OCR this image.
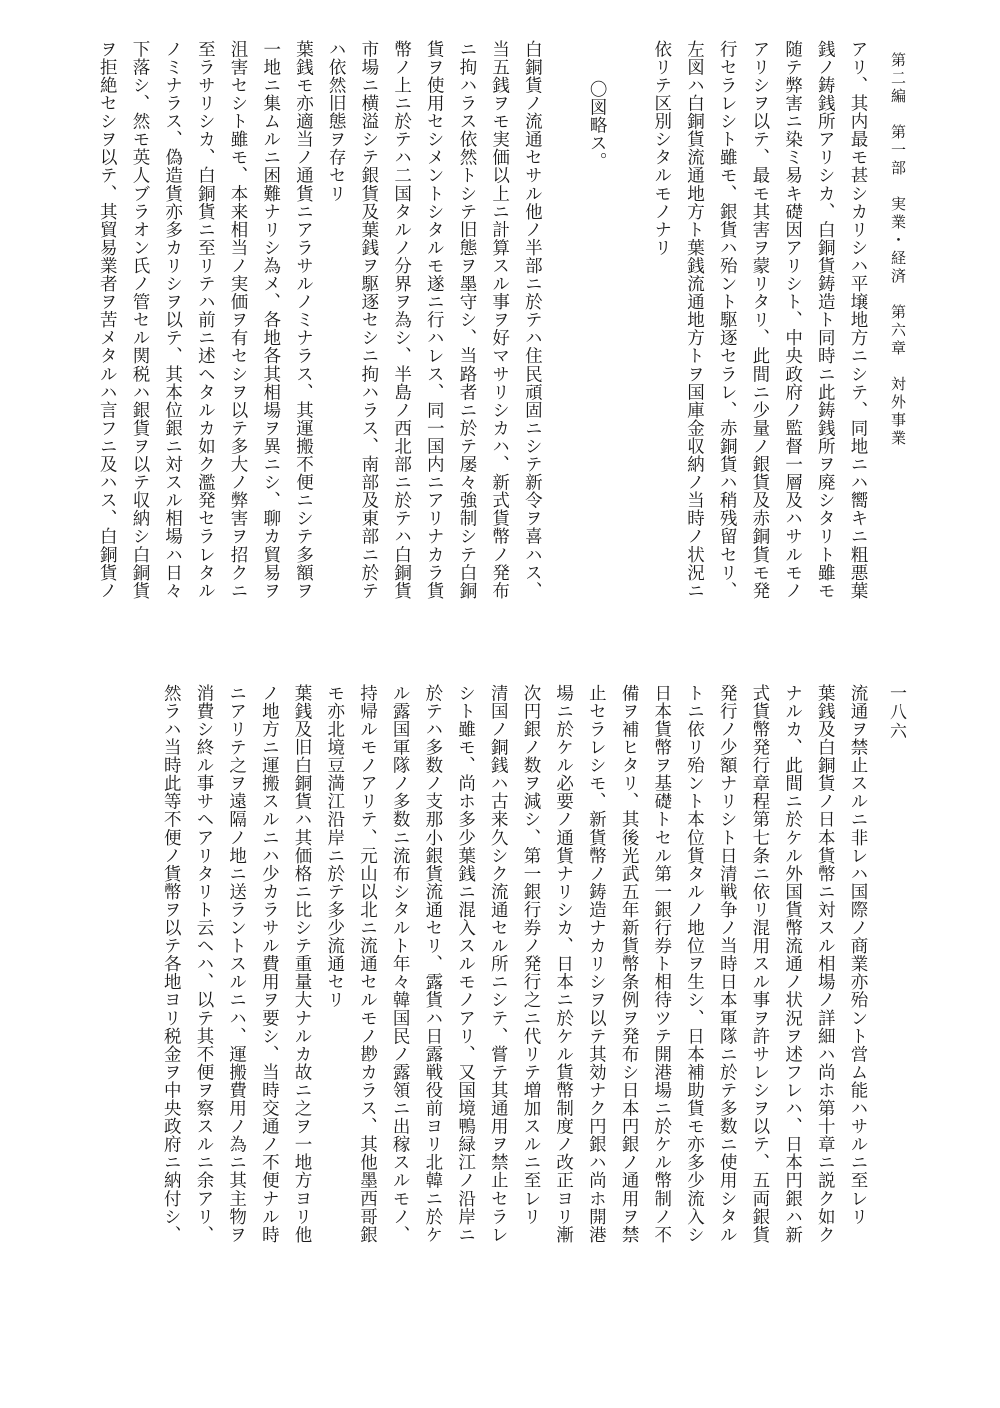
第二編　第一部　実業・経済　第六章　対外事業
一八六

アリ、其内最モ甚シカリシハ平壌地方ニシテ、同地ニハ嚮キニ粗悪葉

銭ノ鋳銭所アリシカ、白銅貨鋳造ト同時ニ此鋳銭所ヲ廃シタリト雖モ

随テ弊害ニ染ミ易キ礎因アリシト、中央政府ノ監督一層及ハサルモノ

アリシヲ以テ、最モ其害ヲ蒙リタリ、此間ニ少量ノ銀貨及赤銅貨モ発

行セラレシト雖モ、銀貨ハ殆ント駆逐セラレ、赤銅貨ハ稍残留セリ、

左図ハ白銅貨流通地方ト葉銭流通地方トヲ国庫金収納ノ当時ノ状況ニ

依リテ区別シタルモノナリ

〇図略ス。

白銅貨ノ流通セサル他ノ半部ニ於テハ住民頑固ニシテ新令ヲ喜ハス、

当五銭ヲモ実価以上ニ計算スル事ヲ好マサリシカハ、新式貨幣ノ発布

ニ拘ハラス依然トシテ旧態ヲ墨守シ、当路者ニ於テ屡々強制シテ白銅

貨ヲ使用セシメントシタルモ遂ニ行ハレス、同一国内ニアリナカラ貨

幣ノ上ニ於テハ二国タルノ分界ヲ為シ、半島ノ西北部ニ於テハ白銅貨

市場ニ横溢シテ銀貨及葉銭ヲ駆逐セシニ拘ハラス、南部及東部ニ於テ

ハ依然旧態ヲ存セリ

葉銭モ亦適当ノ通貨ニアラサルノミナラス、其運搬不便ニシテ多額ヲ

一地ニ集ムルニ困難ナリシ為メ、各地各其相場ヲ異ニシ、聊カ貿易ヲ

沮害セシト雖モ、本来相当ノ実価ヲ有セシヲ以テ多大ノ弊害ヲ招クニ

至ラサリシカ、白銅貨ニ至リテハ前ニ述ヘタルカ如ク濫発セラレタル

ノミナラス、偽造貨亦多カリシヲ以テ、其本位銀ニ対スル相場ハ日々

下落シ、然モ英人ブラオン氏ノ管セル関税ハ銀貨ヲ以テ収納シ白銅貨

ヲ拒絶セシヲ以テ、其貿易業者ヲ苦メタルハ言フニ及ハス、白銅貨ノ

流通ヲ禁止スルニ非レハ国際ノ商業亦殆ント営ム能ハサルニ至レリ

葉銭及白銅貨ノ日本貨幣ニ対スル相場ノ詳細ハ尚ホ第十章ニ説ク如ク

ナルカ、此間ニ於ケル外国貨幣流通ノ状況ヲ述フレハ、日本円銀ハ新

式貨幣発行章程第七条ニ依リ混用スル事ヲ許サレシヲ以テ、五両銀貨

発行ノ少額ナリシト日清戦争ノ当時日本軍隊ニ於テ多数ニ使用シタル

トニ依リ殆ント本位貨タルノ地位ヲ生シ、日本補助貨モ亦多少流入シ

日本貨幣ヲ基礎トセル第一銀行券ト相待ツテ開港場ニ於ケル幣制ノ不

備ヲ補ヒタリ、其後光武五年新貨幣条例ヲ発布シ日本円銀ノ通用ヲ禁

止セラレシモ、新貨幣ノ鋳造ナカリシヲ以テ其効ナク円銀ハ尚ホ開港

場ニ於ケル必要ノ通貨ナリシカ、日本ニ於ケル貨幣制度ノ改正ヨリ漸

次円銀ノ数ヲ減シ、第一銀行券ノ発行之ニ代リテ増加スルニ至レリ

清国ノ銅銭ハ古来久シク流通セル所ニシテ、嘗テ其通用ヲ禁止セラレ

シト雖モ、尚ホ多少葉銭ニ混入スルモノアリ、又国境鴨緑江ノ沿岸ニ

於テハ多数ノ支那小銀貨流通セリ、露貨ハ日露戦役前ヨリ北韓ニ於ケ

ル露国軍隊ノ多数ニ流布シタルト年々韓国民ノ露領ニ出稼スルモノ、

持帰ルモノアリテ、元山以北ニ流通セルモノ尠カラス、其他墨西哥銀

モ亦北境豆満江沿岸ニ於テ多少流通セリ

葉銭及旧白銅貨ハ其価格ニ比シテ重量大ナルカ故ニ之ヲ一地方ヨリ他

ノ地方ニ運搬スルニハ少カラサル費用ヲ要シ、当時交通ノ不便ナル時

ニアリテ之ヲ遠隔ノ地ニ送ラントスルニハ、運搬費用ノ為ニ其主物ヲ

消費シ終ル事サヘアリタリト云ヘハ、以テ其不便ヲ察スルニ余アリ、

然ラハ当時此等不便ノ貨幣ヲ以テ各地ヨリ税金ヲ中央政府ニ納付シ、
